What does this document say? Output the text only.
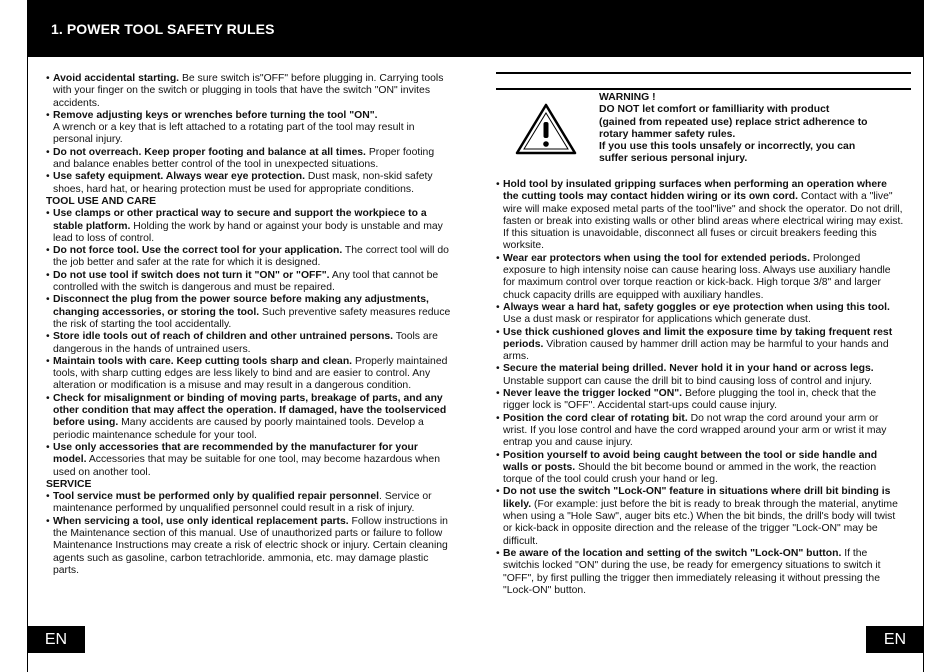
1. POWER TOOL SAFETY RULES
• Avoid accidental starting. Be sure switch is"OFF" before plugging in. Carrying tools with your finger on the switch or plugging in tools that have the switch "ON" invites accidents.
• Remove adjusting keys or wrenches before turning the tool "ON".
A wrench or a key that is left attached to a rotating part of the tool may result in personal injury.
• Do not overreach. Keep proper footing and balance at all times. Proper footing and balance enables better control of the tool in unexpected situations.
• Use safety equipment. Always wear eye protection. Dust mask, non-skid safety shoes, hard hat, or hearing protection must be used for appropriate conditions.
TOOL USE AND CARE
• Use clamps or other practical way to secure and support the workpiece to a stable platform. Holding the work by hand or against your body is unstable and may lead to loss of control.
• Do not force tool. Use the correct tool for your application. The correct tool will do the job better and safer at the rate for which it is designed.
• Do not use tool if switch does not turn it "ON" or "OFF". Any tool that cannot be controlled with the switch is dangerous and must be repaired.
• Disconnect the plug from the power source before making any adjustments, changing accessories, or storing the tool. Such preventive safety measures reduce the risk of starting the tool accidentally.
• Store idle tools out of reach of children and other untrained persons. Tools are dangerous in the hands of untrained users.
• Maintain tools with care. Keep cutting tools sharp and clean. Properly maintained tools, with sharp cutting edges are less likely to bind and are easier to control. Any alteration or modification is a misuse and may result in a dangerous condition.
• Check for misalignment or binding of moving parts, breakage of parts, and any other condition that may affect the operation. If damaged, have the toolserviced before using. Many accidents are caused by poorly maintained tools. Develop a periodic maintenance schedule for your tool.
• Use only accessories that are recommended by the manufacturer for your model. Accessories that may be suitable for one tool, may become hazardous when used on another tool.
SERVICE
• Tool service must be performed only by qualified repair personnel. Service or maintenance performed by unqualified personnel could result in a risk of injury.
• When servicing a tool, use only identical replacement parts. Follow instructions in the Maintenance section of this manual. Use of unauthorized parts or failure to follow Maintenance Instructions may create a risk of electric shock or injury. Certain cleaning agents such as gasoline, carbon tetrachloride. ammonia, etc. may damage plastic parts.
WARNING !
DO NOT let comfort or familliarity with product
(gained from repeated use) replace strict adherence to
rotary hammer safety rules.
If you use this tools unsafely or incorrectly, you can
suffer serious personal injury.
• Hold tool by insulated gripping surfaces when performing an operation where the cutting tools may contact hidden wiring or its own cord. Contact with a "live" wire will make exposed metal parts of the tool"live" and shock the operator. Do not drill, fasten or break into existing walls or other blind areas where electrical wiring may exist. If this situation is unavoidable, disconnect all fuses or circuit breakers feeding this worksite.
• Wear ear protectors when using the tool for extended periods. Prolonged exposure to high intensity noise can cause hearing loss. Always use auxiliary handle for maximum control over torque reaction or kick-back. High torque 3/8" and larger chuck capacity drills are equipped with auxiliary handles.
• Always wear a hard hat, safety goggles or eye protection when using this tool. Use a dust mask or respirator for applications which generate dust.
• Use thick cushioned gloves and limit the exposure time by taking frequent rest periods. Vibration caused by hammer drill action may be harmful to your hands and arms.
• Secure the material being drilled. Never hold it in your hand or across legs. Unstable support can cause the drill bit to bind causing loss of control and injury.
• Never leave the trigger locked "ON". Before plugging the tool in, check that the rigger lock is "OFF". Accidental start-ups could cause injury.
• Position the cord clear of rotating bit. Do not wrap the cord around your arm or wrist. If you lose control and have the cord wrapped around your arm or wrist it may entrap you and cause injury.
• Position yourself to avoid being caught between the tool or side handle and walls or posts. Should the bit become bound or ammed in the work, the reaction torque of the tool could crush your hand or leg.
• Do not use the switch "Lock-ON" feature in situations where drill bit binding is likely. (For example: just before the bit is ready to break through the material, anytime when using a "Hole Saw", auger bits etc.) When the bit binds, the drill's body will twist or kick-back in opposite direction and the release of the trigger "Lock-ON" may be difficult.
• Be aware of the location and setting of the switch "Lock-ON" button. If the switchis locked "ON" during the use, be ready for emergency situations to switch it "OFF", by first pulling the trigger then immediately releasing it without pressing the "Lock-ON" button.
EN	EN
